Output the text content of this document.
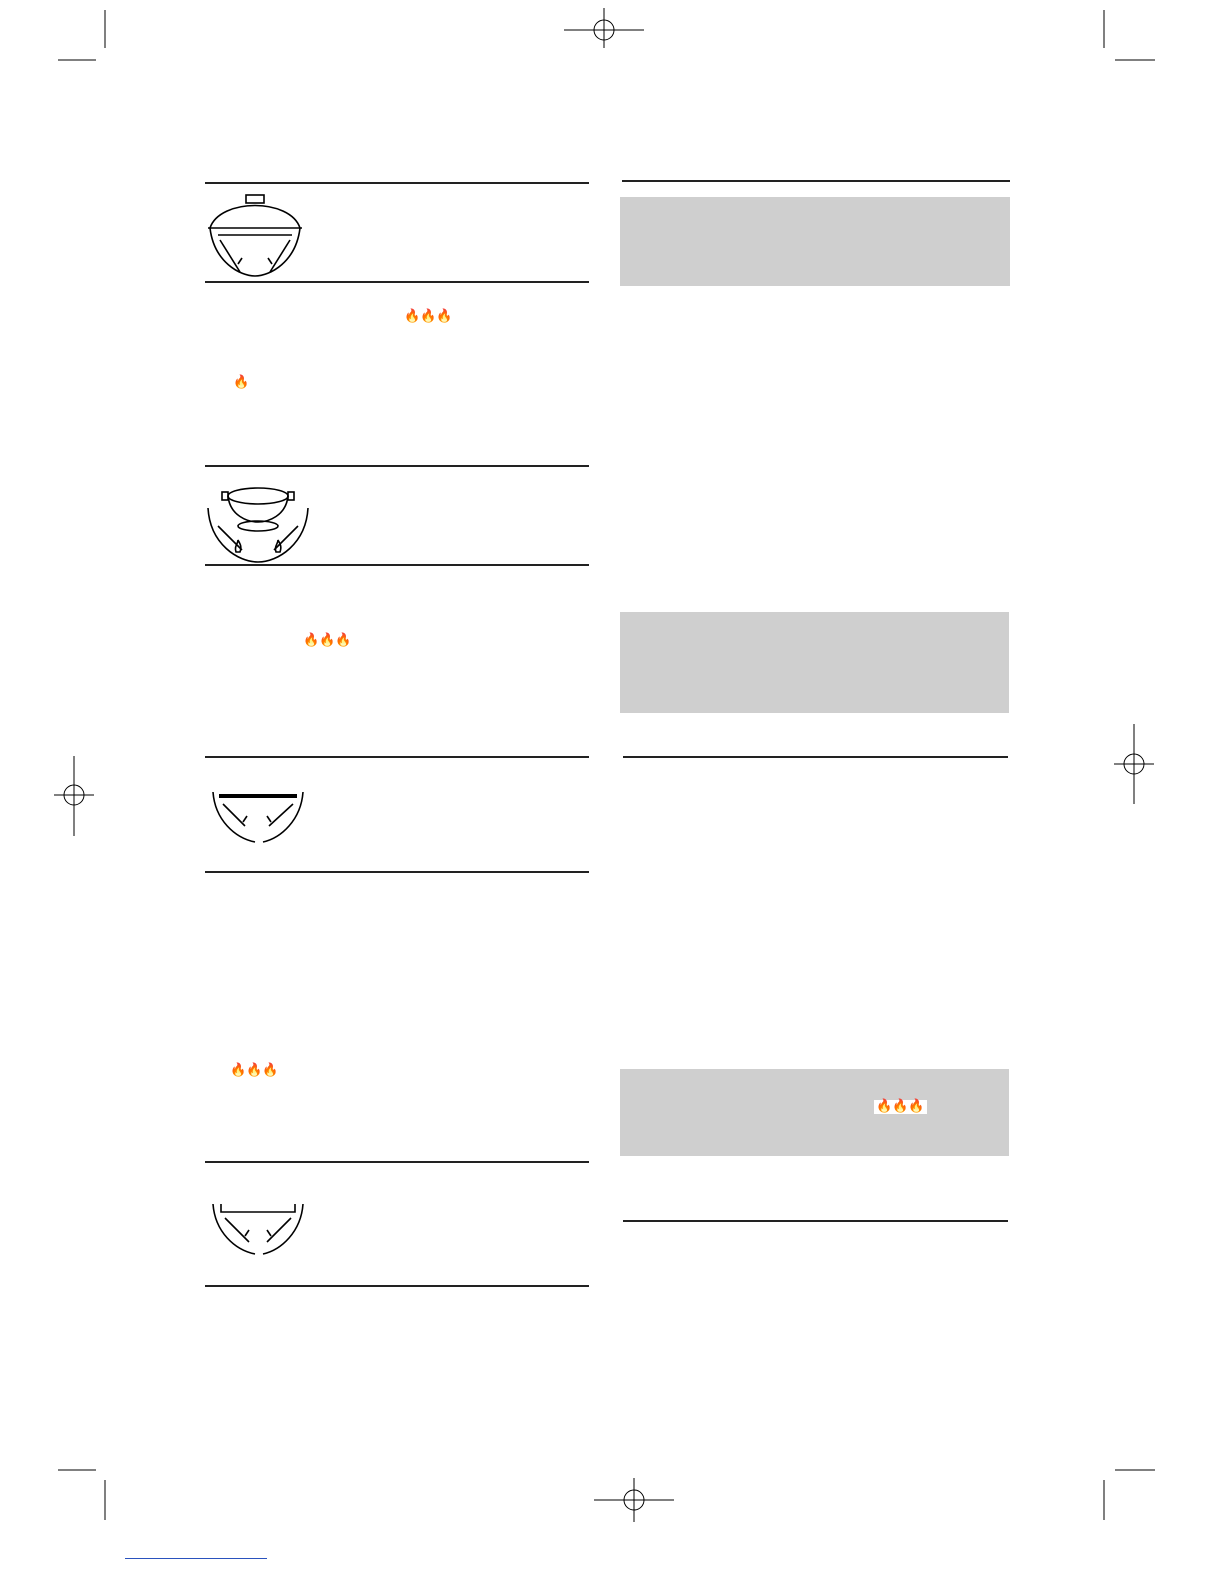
🔥🔥🔥
🔥
🔥🔥🔥
🔥🔥🔥
🔥🔥🔥
